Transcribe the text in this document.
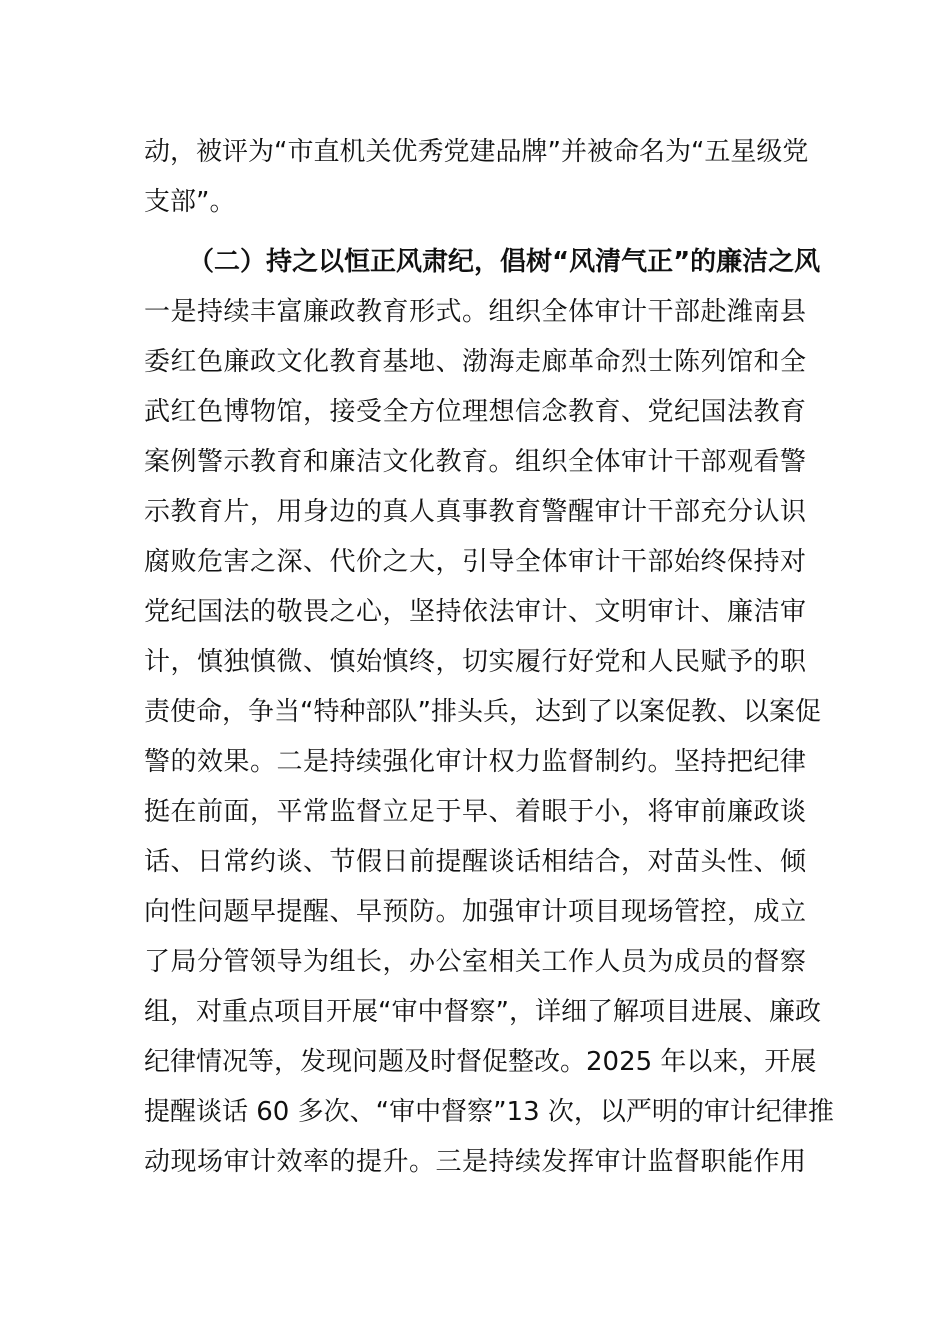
动，被评为“市直机关优秀党建品牌”并被命名为“五星级党
支部”。
（二）持之以恒正风肃纪，倡树“风清气正”的廉洁之风
一是持续丰富廉政教育形式。组织全体审计干部赴潍南县
委红色廉政文化教育基地、渤海走廊革命烈士陈列馆和全
武红色博物馆，接受全方位理想信念教育、党纪国法教育
案例警示教育和廉洁文化教育。组织全体审计干部观看警
示教育片，用身边的真人真事教育警醒审计干部充分认识
腐败危害之深、代价之大，引导全体审计干部始终保持对
党纪国法的敬畏之心，坚持依法审计、文明审计、廉洁审
计，慎独慎微、慎始慎终，切实履行好党和人民赋予的职
责使命，争当“特种部队”排头兵，达到了以案促教、以案促
警的效果。二是持续强化审计权力监督制约。坚持把纪律
挺在前面，平常监督立足于早、着眼于小，将审前廉政谈
话、日常约谈、节假日前提醒谈话相结合，对苗头性、倾
向性问题早提醒、早预防。加强审计项目现场管控，成立
了局分管领导为组长，办公室相关工作人员为成员的督察
组，对重点项目开展“审中督察”，详细了解项目进展、廉政
纪律情况等，发现问题及时督促整改。2025 年以来，开展
提醒谈话 60 多次、“审中督察”13 次，以严明的审计纪律推
动现场审计效率的提升。三是持续发挥审计监督职能作用
